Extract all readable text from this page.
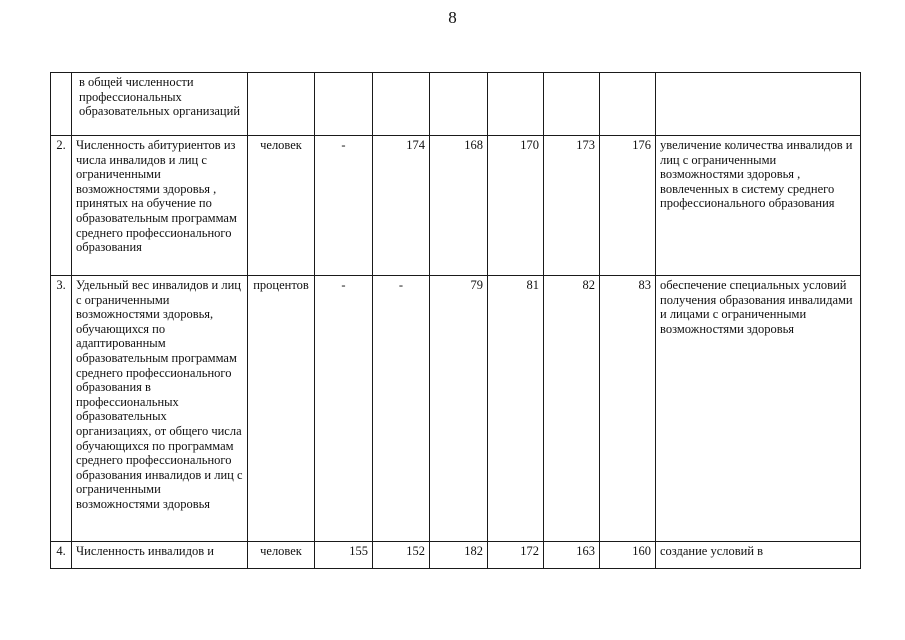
8

	в общей численности профессиональных образовательных организаций								

2.	Численность абитуриентов из числа инвалидов и лиц с ограниченными возможностями здоровья , принятых на обучение по образовательным программам среднего профессионального образования	человек	-	174	168	170	173	176	увеличение количества инвалидов и лиц с ограниченными возможностями здоровья , вовлеченных в систему среднего профессионального образования
3.	Удельный вес инвалидов и лиц с ограниченными возможностями здоровья, обучающихся по адаптированным образовательным программам среднего профессионального образования в профессиональных образовательных организациях, от общего числа обучающихся по программам среднего профессионального образования инвалидов и лиц с ограниченными возможностями здоровья	процентов	-	-	79	81	82	83	обеспечение специальных условий получения образования инвалидами и лицами с ограниченными возможностями здоровья
4.	Численность инвалидов и	человек	155	152	182	172	163	160	создание условий в
